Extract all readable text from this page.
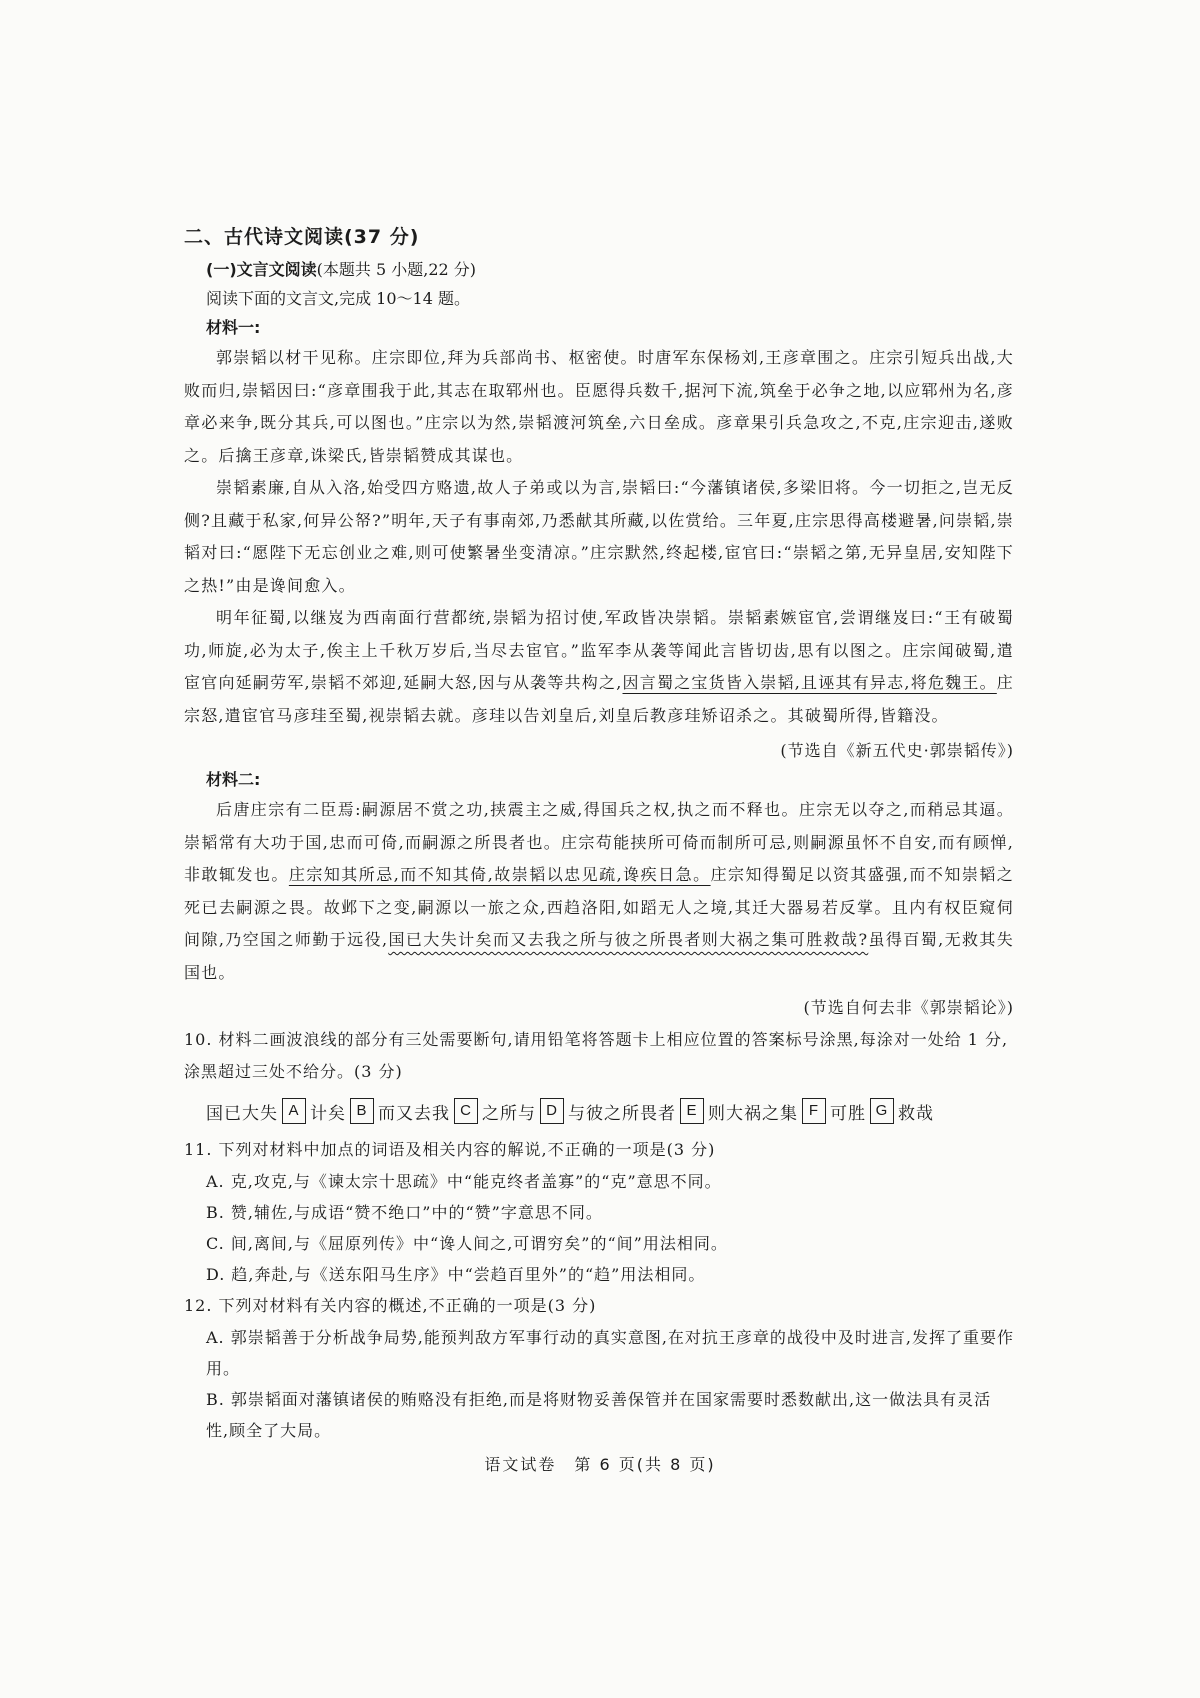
二、古代诗文阅读(37 分)
(一)文言文阅读(本题共 5 小题,22 分)
阅读下面的文言文,完成 10～14 题。
材料一:

郭崇韬以材干见称。庄宗即位,拜为兵部尚书、枢密使。时唐军东保杨刘,王彦章围之。庄宗引短兵出战,大败而归,崇韬因曰:“彦章围我于此,其志在取郓州也。臣愿得兵数千,据河下流,筑垒于必争之地,以应郓州为名,彦章必来争,既分其兵,可以图也。”庄宗以为然,崇韬渡河筑垒,六日垒成。彦章果引兵急攻之,不克,庄宗迎击,遂败之。后擒王彦章,诛梁氏,皆崇韬赞成其谋也。

崇韬素廉,自从入洛,始受四方赂遗,故人子弟或以为言,崇韬曰:“今藩镇诸侯,多梁旧将。今一切拒之,岂无反侧?且藏于私家,何异公帑?”明年,天子有事南郊,乃悉献其所藏,以佐赏给。三年夏,庄宗思得高楼避暑,问崇韬,崇韬对曰:“愿陛下无忘创业之难,则可使繁暑坐变清凉。”庄宗默然,终起楼,宦官曰:“崇韬之第,无异皇居,安知陛下之热!”由是谗间愈入。

明年征蜀,以继岌为西南面行营都统,崇韬为招讨使,军政皆决崇韬。崇韬素嫉宦官,尝谓继岌曰:“王有破蜀功,师旋,必为太子,俟主上千秋万岁后,当尽去宦官。”监军李从袭等闻此言皆切齿,思有以图之。庄宗闻破蜀,遣宦官向延嗣劳军,崇韬不郊迎,延嗣大怒,因与从袭等共构之,因言蜀之宝货皆入崇韬,且诬其有异志,将危魏王。庄宗怒,遣宦官马彦珪至蜀,视崇韬去就。彦珪以告刘皇后,刘皇后教彦珪矫诏杀之。其破蜀所得,皆籍没。

(节选自《新五代史·郭崇韬传》)
材料二:

后唐庄宗有二臣焉:嗣源居不赏之功,挟震主之威,得国兵之权,执之而不释也。庄宗无以夺之,而稍忌其逼。崇韬常有大功于国,忠而可倚,而嗣源之所畏者也。庄宗苟能挟所可倚而制所可忌,则嗣源虽怀不自安,而有顾惮,非敢辄发也。庄宗知其所忌,而不知其倚,故崇韬以忠见疏,谗疾日急。庄宗知得蜀足以资其盛强,而不知崇韬之死已去嗣源之畏。故邺下之变,嗣源以一旅之众,西趋洛阳,如蹈无人之境,其迁大器易若反掌。且内有权臣窥伺间隙,乃空国之师勤于远役,国已大失计矣而又去我之所与彼之所畏者则大祸之集可胜救哉?虽得百蜀,无救其失国也。

(节选自何去非《郭崇韬论》)

10. 材料二画波浪线的部分有三处需要断句,请用铅笔将答题卡上相应位置的答案标号涂黑,每涂对一处给 1 分,涂黑超过三处不给分。(3 分)

国已大失 A 计矣 B 而又去我 C 之所与 D 与彼之所畏者 E 则大祸之集 F 可胜 G 救哉

11. 下列对材料中加点的词语及相关内容的解说,不正确的一项是(3 分)

A. 克,攻克,与《谏太宗十思疏》中“能克终者盖寡”的“克”意思不同。
B. 赞,辅佐,与成语“赞不绝口”中的“赞”字意思不同。
C. 间,离间,与《屈原列传》中“谗人间之,可谓穷矣”的“间”用法相同。
D. 趋,奔赴,与《送东阳马生序》中“尝趋百里外”的“趋”用法相同。

12. 下列对材料有关内容的概述,不正确的一项是(3 分)

A. 郭崇韬善于分析战争局势,能预判敌方军事行动的真实意图,在对抗王彦章的战役中及时进言,发挥了重要作用。
B. 郭崇韬面对藩镇诸侯的贿赂没有拒绝,而是将财物妥善保管并在国家需要时悉数献出,这一做法具有灵活性,顾全了大局。
语文试卷　第 6 页(共 8 页)
